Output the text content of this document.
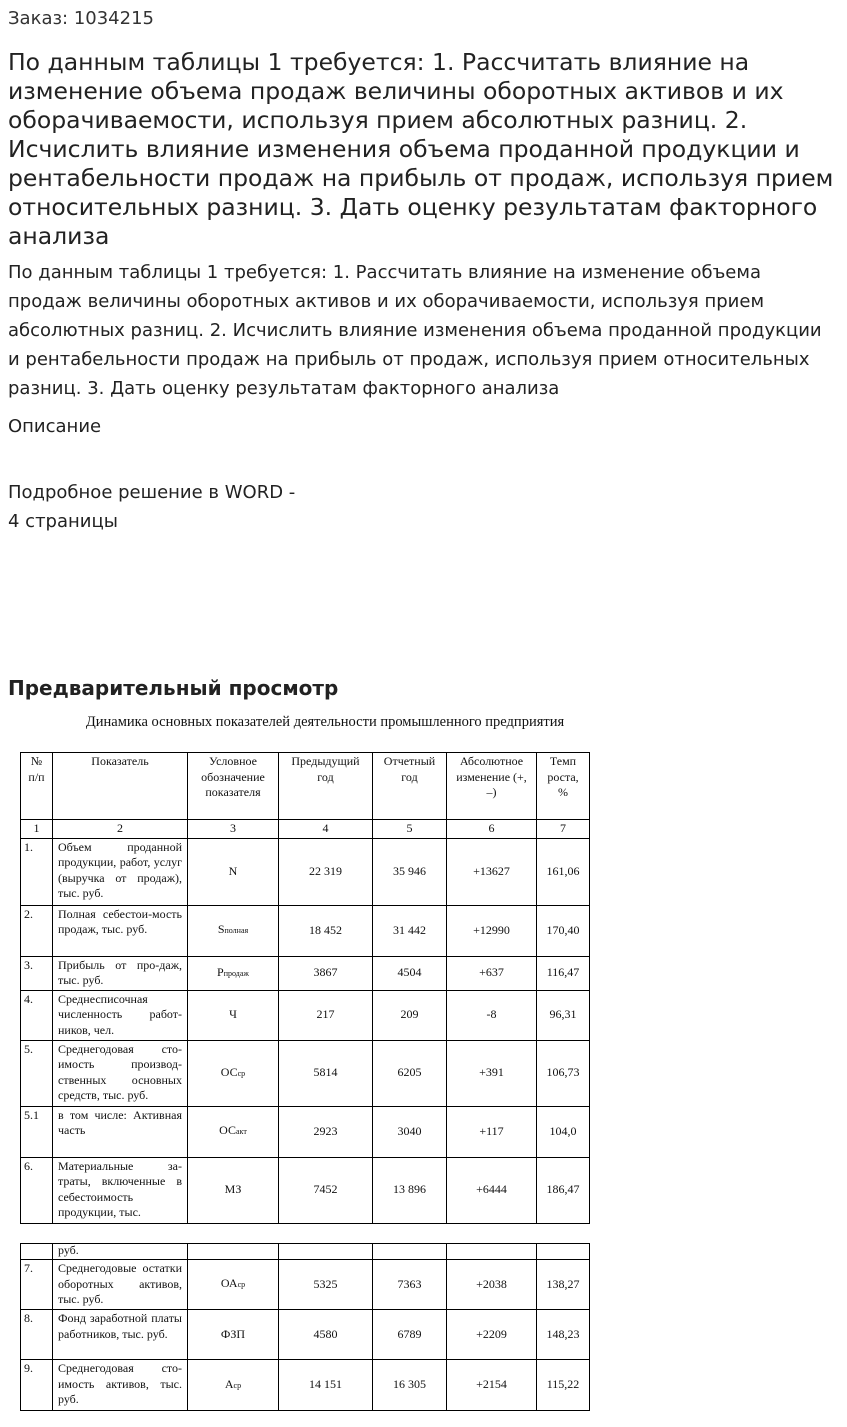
Заказ: 1034215
По данным таблицы 1 требуется: 1. Рассчитать влияние на изменение объема продаж величины оборотных активов и их оборачиваемости, используя прием абсолютных разниц. 2. Исчислить влияние изменения объема проданной продукции и рентабельности продаж на прибыль от продаж, используя прием относительных разниц. 3. Дать оценку результатам факторного анализа

По данным таблицы 1 требуется: 1. Рассчитать влияние на изменение объема продаж величины оборотных активов и их оборачиваемости, используя прием абсолютных разниц. 2. Исчислить влияние изменения объема проданной продукции и рентабельности продаж на прибыль от продаж, используя прием относительных разниц. 3. Дать оценку результатам факторного анализа

Описание

Подробное решение в WORD - 4 страницы

Предварительный просмотр
Динамика основных показателей деятельности промышленного предприятия
№ п/п	Показатель	Условное обозначение показателя	Предыдущий год	Отчетный год	Абсолютное изменение (+, –)	Темп роста, %
1	2	3	4	5	6	7
1.	Объем проданной продукции, работ, услуг (выручка от продаж), тыс. руб.	N	22 319	35 946	+13627	161,06
2.	Полная себестои-мость продаж, тыс. руб.	Sполная	18 452	31 442	+12990	170,40
3.	Прибыль от про-даж, тыс. руб.	Pпродаж	3867	4504	+637	116,47
4.	Среднесписочная численность работ-ников, чел.	Ч	217	209	-8	96,31
5.	Среднегодовая сто-имость производ-ственных основных средств, тыс. руб.	ОСср	5814	6205	+391	106,73
5.1	в том числе: Активная часть	ОСакт	2923	3040	+117	104,0
6.	Материальные за-траты, включенные в себестоимость продукции, тыс.	МЗ	7452	13 896	+6444	186,47
	руб.					
7.	Среднегодовые остатки оборотных активов, тыс. руб.	ОАср	5325	7363	+2038	138,27
8.	Фонд заработной платы работников, тыс. руб.	ФЗП	4580	6789	+2209	148,23
9.	Среднегодовая сто-имость активов, тыс. руб.	Аср	14 151	16 305	+2154	115,22
